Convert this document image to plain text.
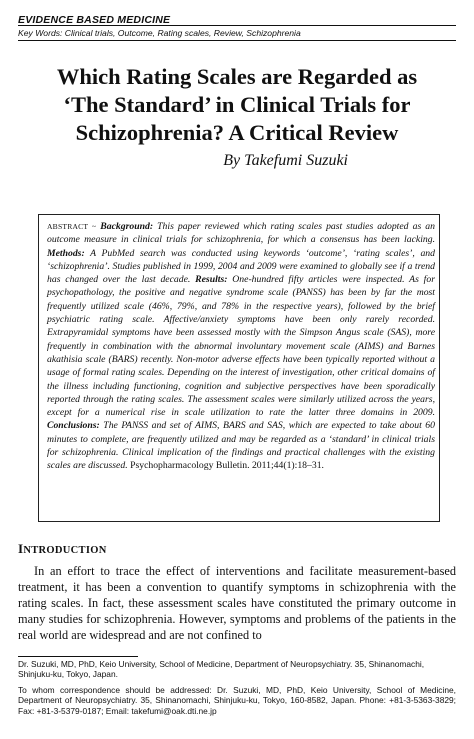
EVIDENCE BASED MEDICINE
Key Words: Clinical trials, Outcome, Rating scales, Review, Schizophrenia
Which Rating Scales are Regarded as
‘The Standard’ in Clinical Trials for
Schizophrenia? A Critical Review
By Takefumi Suzuki

ABSTRACT ~ Background: This paper reviewed which rating scales past studies adopted as an outcome measure in clinical trials for schizophrenia, for which a consensus has been lacking. Methods: A PubMed search was conducted using keywords ‘outcome’, ‘rating scales’, and ‘schizophrenia’. Studies published in 1999, 2004 and 2009 were examined to globally see if a trend has changed over the last decade. Results: One-hundred fifty articles were inspected. As for psychopathology, the positive and negative syndrome scale (PANSS) has been by far the most frequently utilized scale (46%, 79%, and 78% in the respective years), followed by the brief psychiatric rating scale. Affective/anxiety symptoms have been only rarely recorded. Extrapyramidal symptoms have been assessed mostly with the Simpson Angus scale (SAS), more frequently in combination with the abnormal involuntary movement scale (AIMS) and Barnes akathisia scale (BARS) recently. Non-motor adverse effects have been typically reported without a usage of formal rating scales. Depending on the interest of investigation, other critical domains of the illness including functioning, cognition and subjective perspectives have been sporadically reported through the rating scales. The assessment scales were similarly utilized across the years, except for a numerical rise in scale utilization to rate the latter three domains in 2009. Conclusions: The PANSS and set of AIMS, BARS and SAS, which are expected to take about 60 minutes to complete, are frequently utilized and may be regarded as a ‘standard’ in clinical trials for schizophrenia. Clinical implication of the findings and practical challenges with the existing scales are discussed. Psychopharmacology Bulletin. 2011;44(1):18–31.

INTRODUCTION

In an effort to trace the effect of interventions and facilitate measurement-based treatment, it has been a convention to quantify symptoms in schizophrenia with the rating scales. In fact, these assessment scales have constituted the primary outcome in many studies for schizophrenia. However, symptoms and problems of the patients in the real world are widespread and are not confined to

Dr. Suzuki, MD, PhD, Keio University, School of Medicine, Department of Neuropsychiatry. 35, Shinanomachi, Shinjuku-ku, Tokyo, Japan.

To whom correspondence should be addressed: Dr. Suzuki, MD, PhD, Keio University, School of Medicine, Department of Neuropsychiatry. 35, Shinanomachi, Shinjuku-ku, Tokyo, 160-8582, Japan. Phone: +81-3-5363-3829; Fax: +81-3-5379-0187; Email: takefumi@oak.dti.ne.jp
